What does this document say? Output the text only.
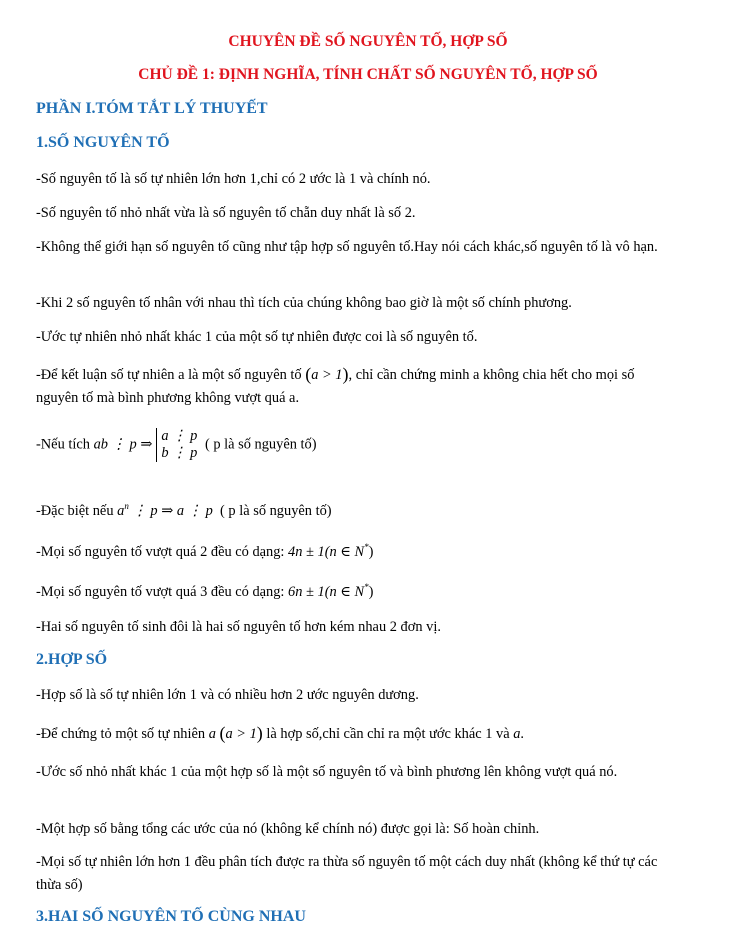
CHUYÊN ĐỀ SỐ NGUYÊN TỐ, HỢP SỐ
CHỦ ĐỀ 1: ĐỊNH NGHĨA, TÍNH CHẤT SỐ NGUYÊN TỐ, HỢP SỐ
PHẦN I.TÓM TẮT LÝ THUYẾT
1.SỐ NGUYÊN TỐ
-Số nguyên tố là số tự nhiên lớn hơn 1,chỉ có 2 ước là 1 và chính nó.
-Số nguyên tố nhỏ nhất vừa là số nguyên tố chẵn duy nhất là số 2.
-Không thể giới hạn số nguyên tố cũng như tập hợp số nguyên tố.Hay nói cách khác,số nguyên tố là vô hạn.
-Khi 2 số nguyên tố nhân với nhau thì tích của chúng không bao giờ là một số chính phương.
-Ước tự nhiên nhỏ nhất khác 1 của một số tự nhiên được coi là số nguyên tố.
-Để kết luận số tự nhiên a là một số nguyên tố (a > 1), chỉ cần chứng minh a không chia hết cho mọi số nguyên tố mà bình phương không vượt quá a.
-Nếu tích ab ⋮ p ⇒a ⋮ p
b ⋮ p ( p là số nguyên tố)
-Đặc biệt nếu $a^n$ ⋮ p ⇒ a ⋮ p ( p là số nguyên tố)
-Mọi số nguyên tố vượt quá 2 đều có dạng: 4n ± 1(n ∈ N*)
-Mọi số nguyên tố vượt quá 3 đều có dạng: 6n ± 1(n ∈ N*)
-Hai số nguyên tố sinh đôi là hai số nguyên tố hơn kém nhau 2 đơn vị.
2.HỢP SỐ
-Hợp số là số tự nhiên lớn 1 và có nhiều hơn 2 ước nguyên dương.
-Để chứng tỏ một số tự nhiên a (a > 1) là hợp số,chỉ cần chỉ ra một ước khác 1 và a.
-Ước số nhỏ nhất khác 1 của một hợp số là một số nguyên tố và bình phương lên không vượt quá nó.
-Một hợp số bằng tổng các ước của nó (không kể chính nó) được gọi là: Số hoàn chỉnh.
-Mọi số tự nhiên lớn hơn 1 đều phân tích được ra thừa số nguyên tố một cách duy nhất (không kể thứ tự các thừa số)
3.HAI SỐ NGUYÊN TỐ CÙNG NHAU
